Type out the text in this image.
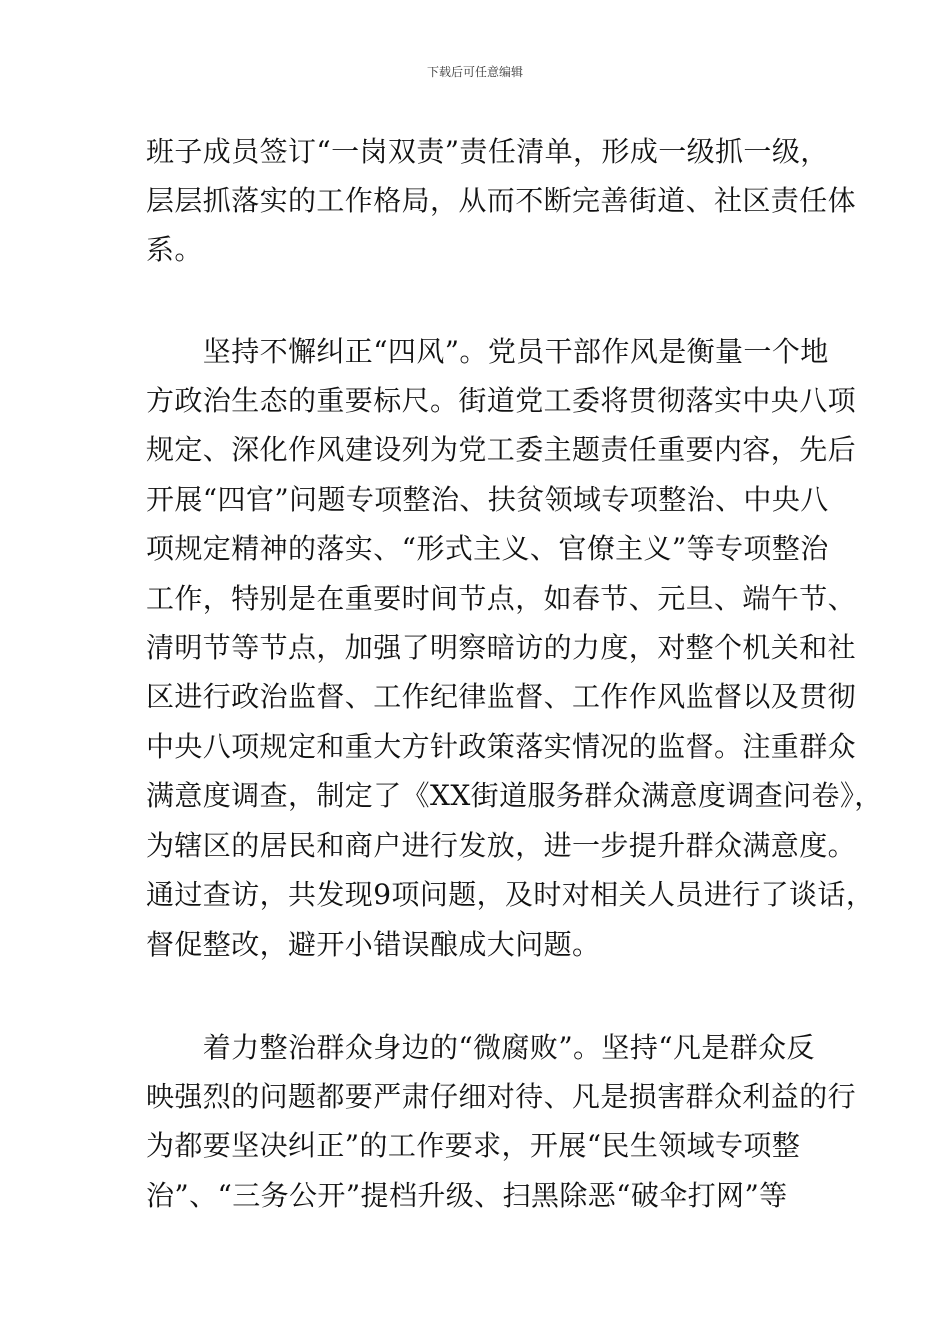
下载后可任意编辑

班子成员签订“一岗双责”责任清单，形成一级抓一级，

层层抓落实的工作格局，从而不断完善街道、社区责任体

系。

　　坚持不懈纠正“四风”。党员干部作风是衡量一个地

方政治生态的重要标尺。街道党工委将贯彻落实中央八项

规定、深化作风建设列为党工委主题责任重要内容，先后

开展“四官”问题专项整治、扶贫领域专项整治、中央八

项规定精神的落实、“形式主义、官僚主义”等专项整治

工作，特别是在重要时间节点，如春节、元旦、端午节、

清明节等节点，加强了明察暗访的力度，对整个机关和社

区进行政治监督、工作纪律监督、工作作风监督以及贯彻

中央八项规定和重大方针政策落实情况的监督。注重群众

满意度调查，制定了《XX街道服务群众满意度调查问卷》，

为辖区的居民和商户进行发放，进一步提升群众满意度。

通过查访，共发现9项问题，及时对相关人员进行了谈话，

督促整改，避开小错误酿成大问题。

　　着力整治群众身边的“微腐败”。坚持“凡是群众反

映强烈的问题都要严肃仔细对待、凡是损害群众利益的行

为都要坚决纠正”的工作要求，开展“民生领域专项整

治”、“三务公开”提档升级、扫黑除恶“破伞打网”等
